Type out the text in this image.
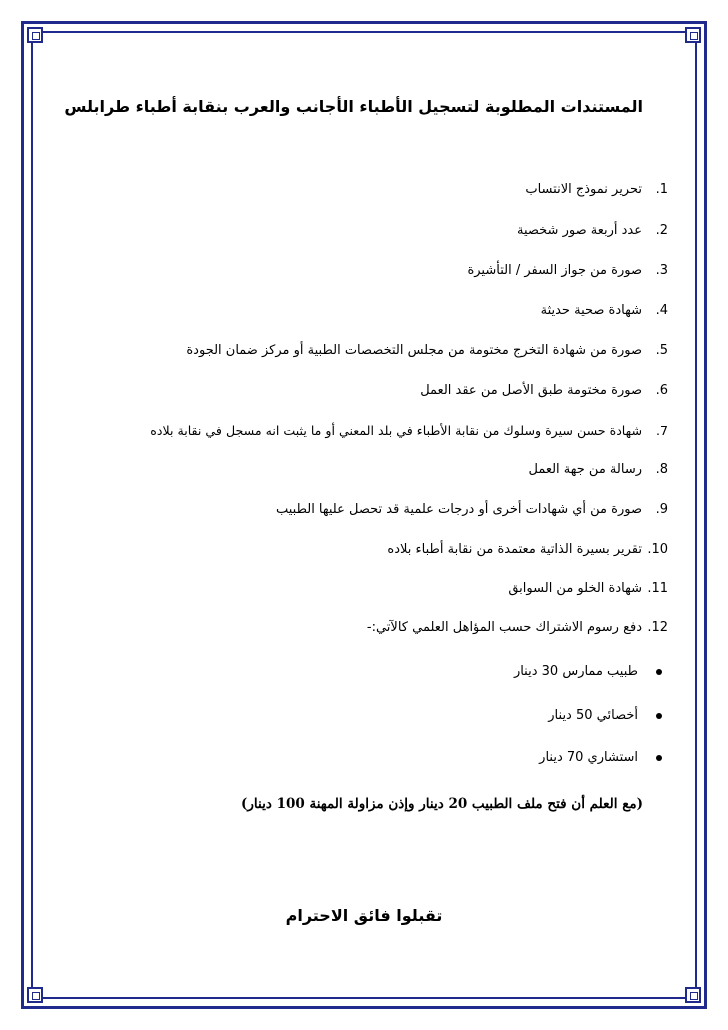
المستندات المطلوبة لتسجيل الأطباء الأجانب والعرب بنقابة أطباء طرابلس
1.
تحرير نموذج الانتساب
2.
عدد أربعة صور شخصية
3.
صورة من جواز السفر / التأشيرة
4.
شهادة صحية حديثة
5.
صورة من شهادة التخرج مختومة من مجلس التخصصات الطبية أو مركز ضمان الجودة
6.
صورة مختومة طبق الأصل من عقد العمل
7.
شهادة حسن سيرة وسلوك من نقابة الأطباء في بلد المعني أو ما يثبت انه مسجل في نقابة بلاده
8.
رسالة من جهة العمل
9.
صورة من أي شهادات أخرى أو درجات علمية قد تحصل عليها الطبيب
10.
تقرير بسيرة الذاتية معتمدة من نقابة أطباء بلاده
11.
شهادة الخلو من السوابق
12.
دفع رسوم الاشتراك حسب المؤاهل العلمي كالآتي:-
طبيب ممارس 30 دينار
أخصائي 50 دينار
استشاري 70 دينار
(مع العلم أن فتح ملف الطبيب 20 دينار وإذن مزاولة المهنة 100 دينار)
تقبلوا فائق الاحترام
